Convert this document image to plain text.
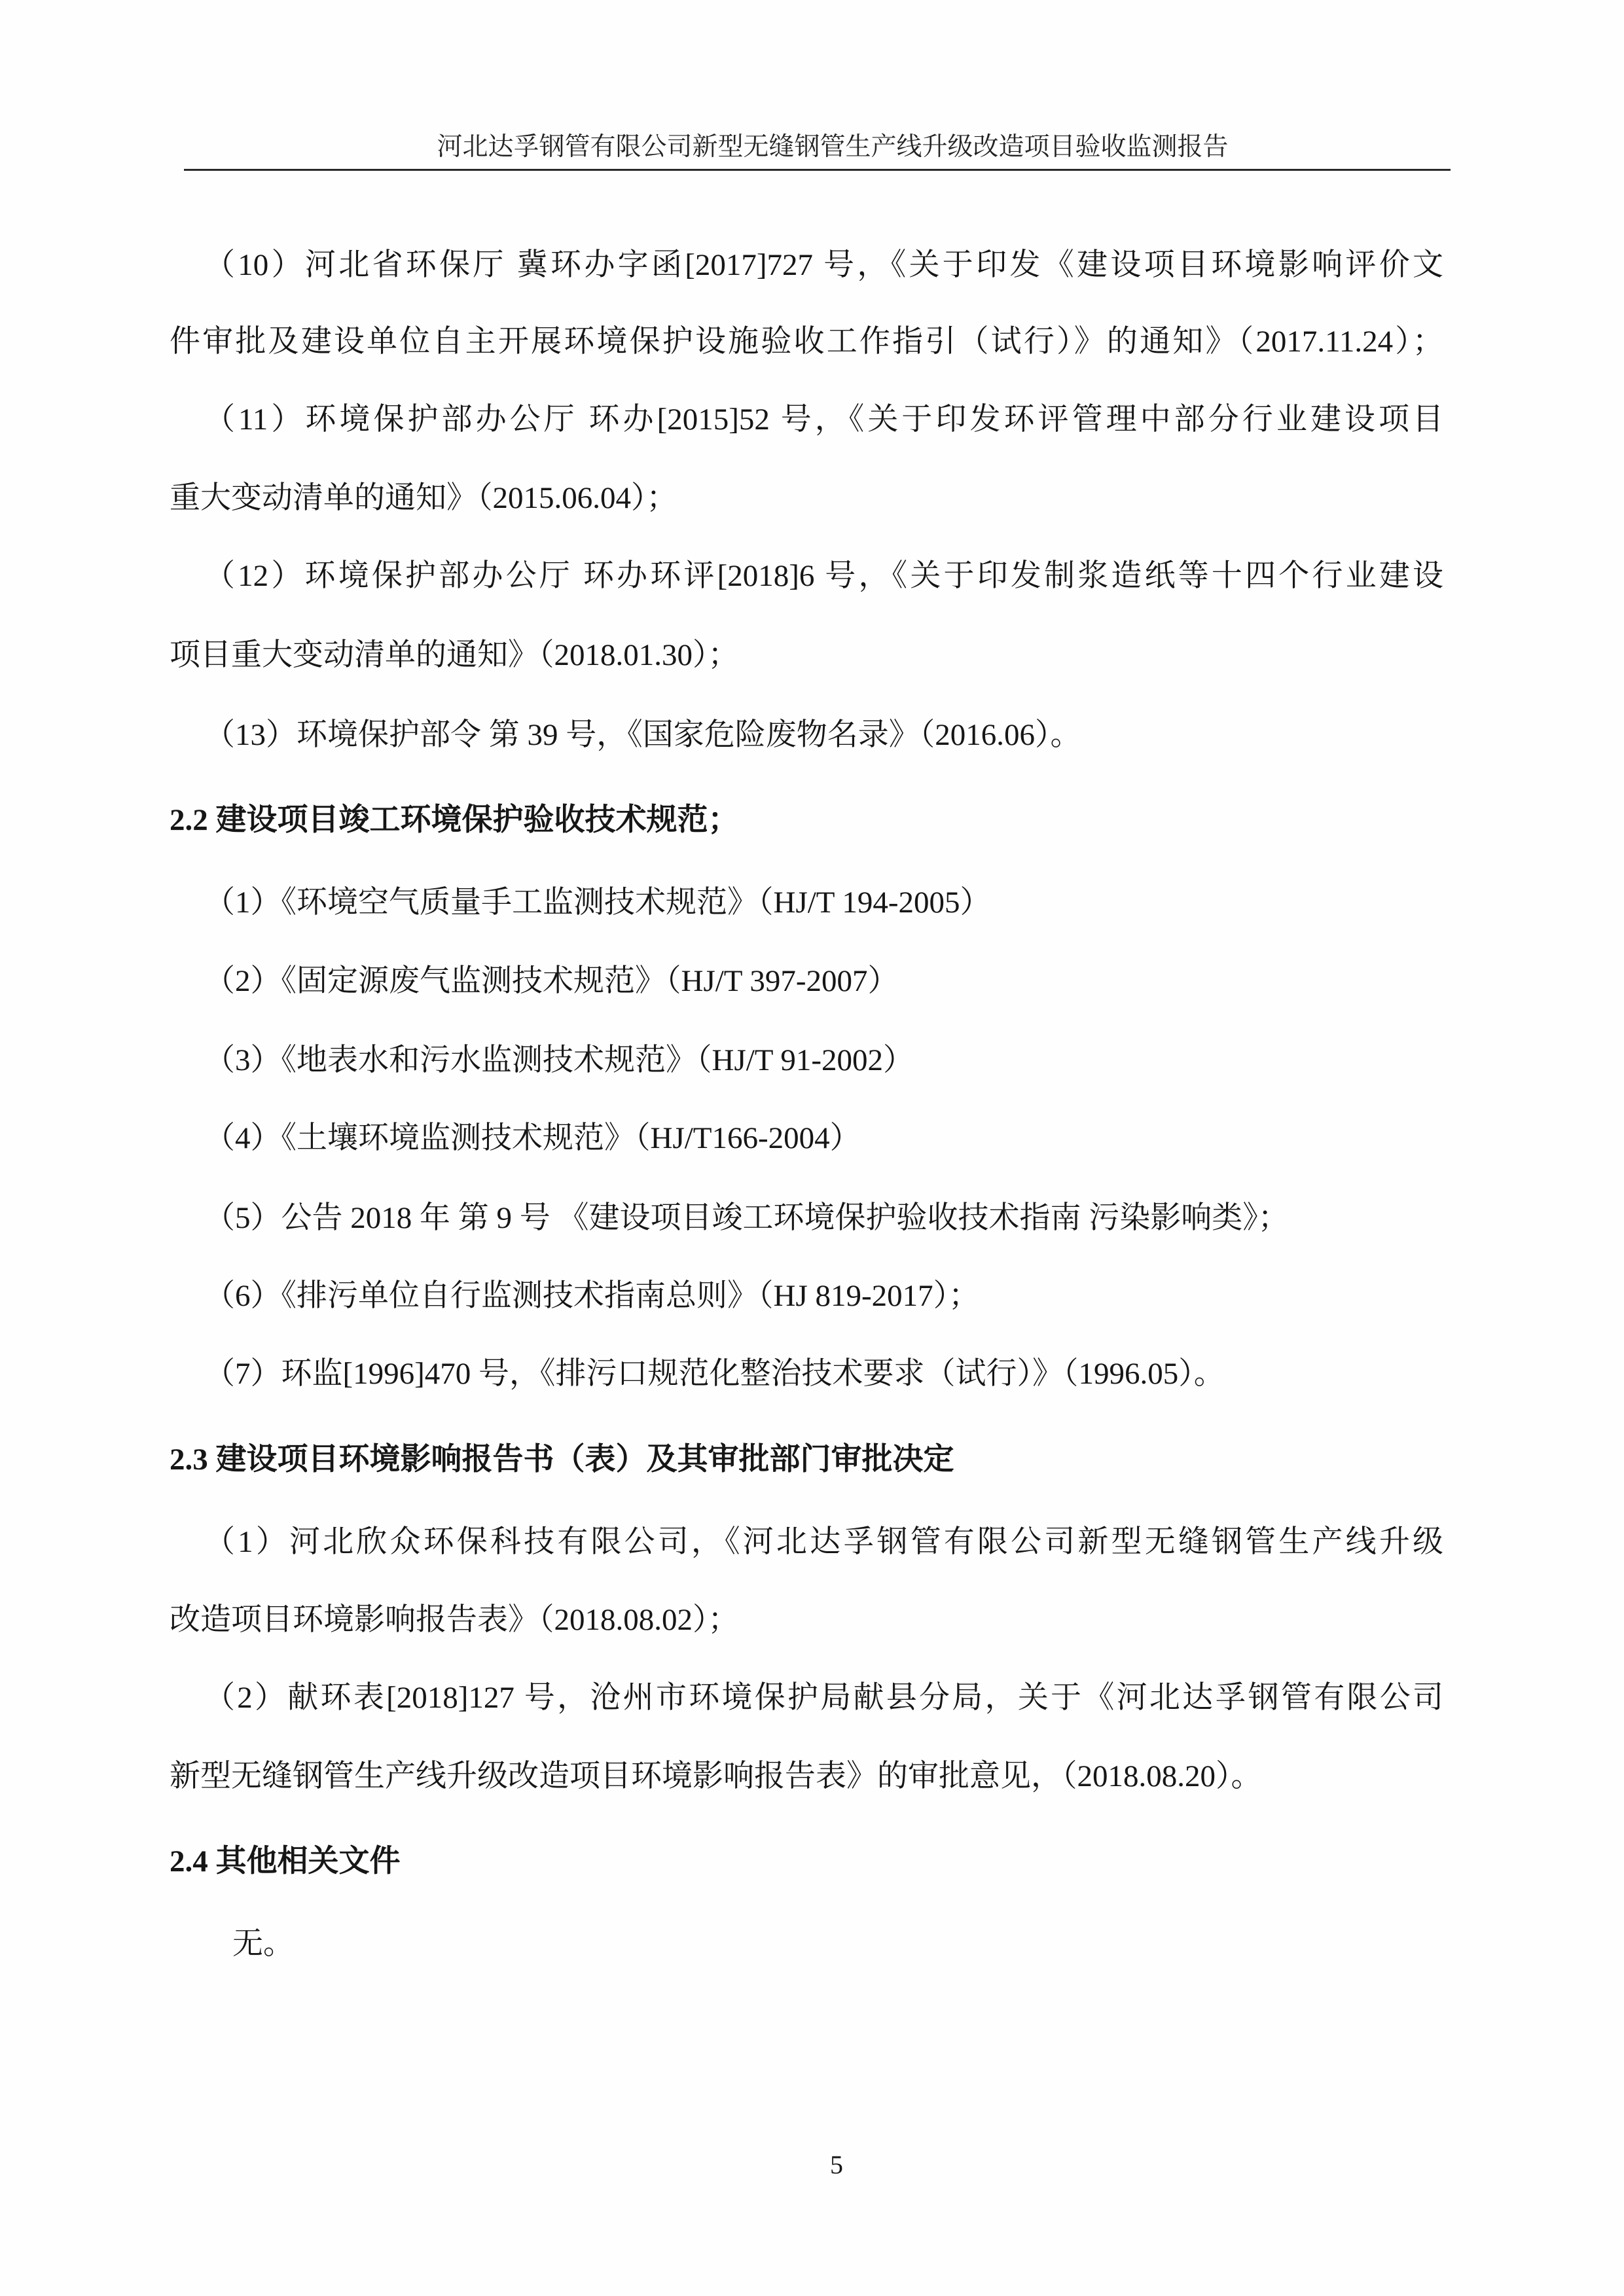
河北达孚钢管有限公司新型无缝钢管生产线升级改造项目验收监测报告
（10）河北省环保厅 冀环办字函[2017]727 号，《关于印发《建设项目环境影响评价文
件审批及建设单位自主开展环境保护设施验收工作指引（试行）》的通知》（2017.11.24）；
（11）环境保护部办公厅 环办[2015]52 号，《关于印发环评管理中部分行业建设项目
重大变动清单的通知》（2015.06.04）；
（12）环境保护部办公厅 环办环评[2018]6 号，《关于印发制浆造纸等十四个行业建设
项目重大变动清单的通知》（2018.01.30）；
（13）环境保护部令 第 39 号，《国家危险废物名录》（2016.06）。
2.2 建设项目竣工环境保护验收技术规范；
（1）《环境空气质量手工监测技术规范》（HJ/T 194-2005）
（2）《固定源废气监测技术规范》（HJ/T 397-2007）
（3）《地表水和污水监测技术规范》（HJ/T 91-2002）
（4）《土壤环境监测技术规范》（HJ/T166-2004）
（5）公告 2018 年 第 9 号 《建设项目竣工环境保护验收技术指南 污染影响类》；
（6）《排污单位自行监测技术指南总则》（HJ 819-2017）；
（7）环监[1996]470 号，《排污口规范化整治技术要求（试行）》（1996.05）。
2.3 建设项目环境影响报告书（表）及其审批部门审批决定
（1）河北欣众环保科技有限公司，《河北达孚钢管有限公司新型无缝钢管生产线升级
改造项目环境影响报告表》（2018.08.02）；
（2）献环表[2018]127 号，沧州市环境保护局献县分局，关于《河北达孚钢管有限公司
新型无缝钢管生产线升级改造项目环境影响报告表》的审批意见，（2018.08.20）。
2.4 其他相关文件
无。
5
